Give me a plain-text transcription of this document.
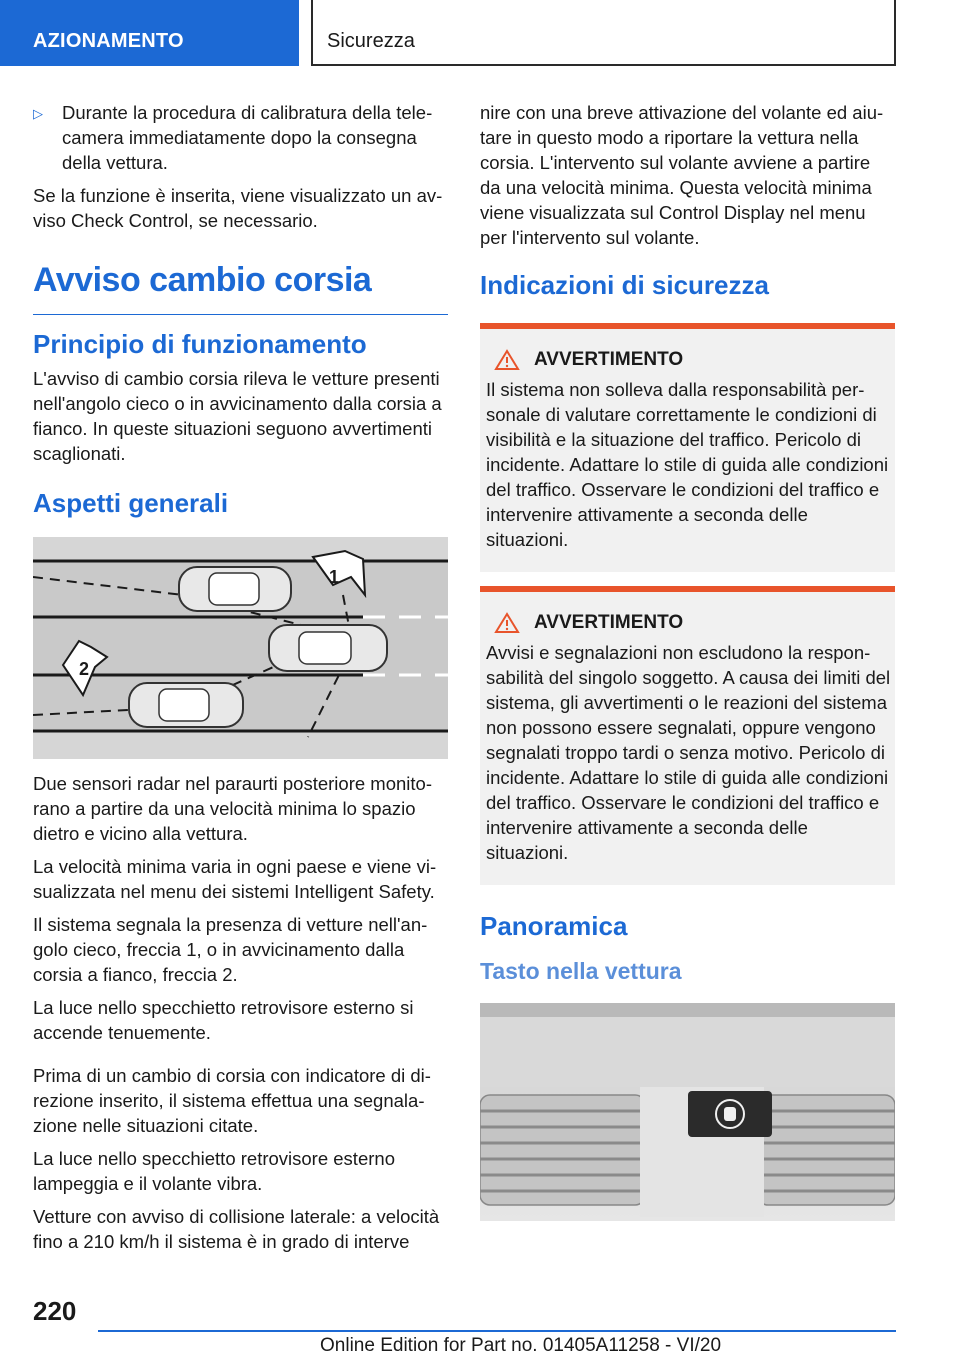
AZIONAMENTO	Sicurezza
▷	Durante la procedura di calibratura della telecamera immediatamente dopo la consegna della vettura.

Se la funzione è inserita, viene visualizzato un avviso Check Control, se necessario.

Avviso cambio corsia
Principio di funzionamento

L'avviso di cambio corsia rileva le vetture presenti nell'angolo cieco o in avvicinamento dalla corsia a fianco. In queste situazioni seguono avvertimenti scaglionati.

Aspetti generali
1
2

Due sensori radar nel paraurti posteriore monitorano a partire da una velocità minima lo spazio dietro e vicino alla vettura.

La velocità minima varia in ogni paese e viene visualizzata nel menu dei sistemi Intelligent Safety.

Il sistema segnala la presenza di vetture nell'angolo cieco, freccia 1, o in avvicinamento dalla corsia a fianco, freccia 2.

La luce nello specchietto retrovisore esterno si accende tenuemente.

Prima di un cambio di corsia con indicatore di direzione inserito, il sistema effettua una segnalazione nelle situazioni citate.

La luce nello specchietto retrovisore esterno lampeggia e il volante vibra.

Vetture con avviso di collisione laterale: a velocità fino a 210 km/h il sistema è in grado di interve

nire con una breve attivazione del volante ed aiutare in questo modo a riportare la vettura nella corsia. L'intervento sul volante avviene a partire da una velocità minima. Questa velocità minima viene visualizzata sul Control Display nel menu per l'intervento sul volante.

Indicazioni di sicurezza
AVVERTIMENTO

Il sistema non solleva dalla responsabilità personale di valutare correttamente le condizioni di visibilità e la situazione del traffico. Pericolo di incidente. Adattare lo stile di guida alle condizioni del traffico. Osservare le condizioni del traffico e intervenire attivamente a seconda delle situazioni.

AVVERTIMENTO

Avvisi e segnalazioni non escludono la responsabilità del singolo soggetto. A causa dei limiti del sistema, gli avvertimenti o le reazioni del sistema non possono essere segnalati, oppure vengono segnalati troppo tardi o senza motivo. Pericolo di incidente. Adattare lo stile di guida alle condizioni del traffico. Osservare le condizioni del traffico e intervenire attivamente a seconda delle situazioni.

Panoramica
Tasto nella vettura
220
Online Edition for Part no. 01405A11258 - VI/20
